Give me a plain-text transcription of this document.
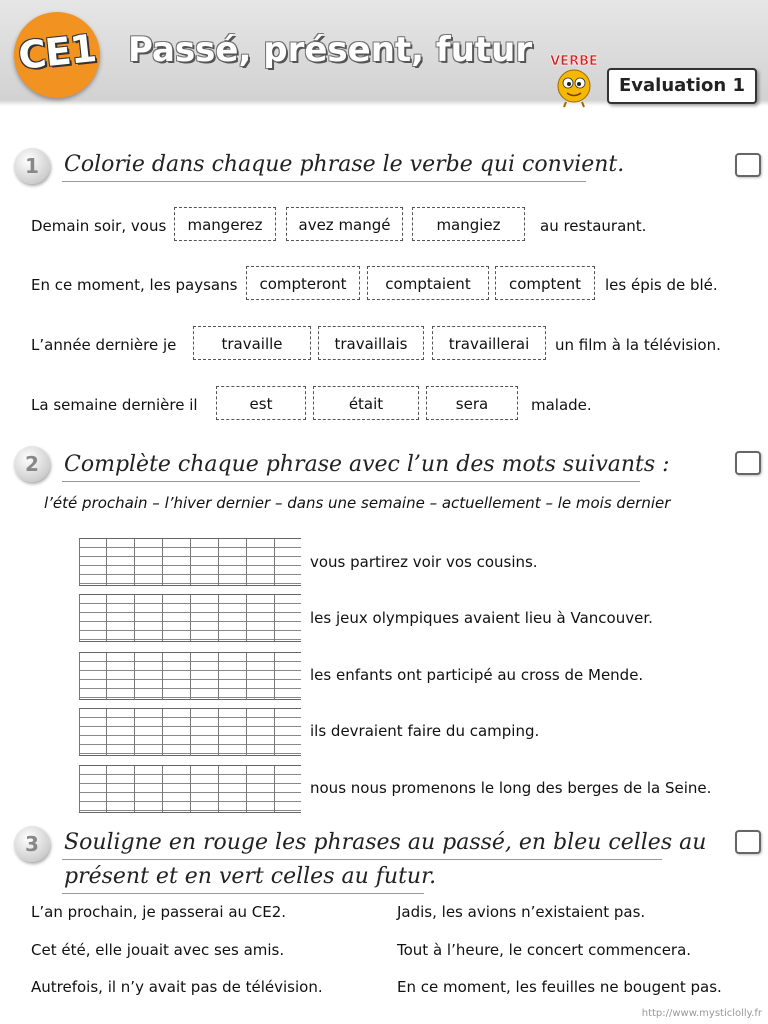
CE1 Passé, présent, futur VERBE
Evaluation 1
1	Colorie dans chaque phrase le verbe qui convient.
Demain soir, vous	mangerez	avez mangé	mangiez	au restaurant.
En ce moment, les paysans	compteront	comptaient	comptent	les épis de blé.
L’année dernière je	travaille	travaillais	travaillerai	un film à la télévision.
La semaine dernière il	est	était	sera	malade.
2	Complète chaque phrase avec l’un des mots suivants :
l’été prochain – l’hiver dernier – dans une semaine – actuellement – le mois dernier
vous partirez voir vos cousins.
les jeux olympiques avaient lieu à Vancouver.
les enfants ont participé au cross de Mende.
ils devraient faire du camping.
nous nous promenons le long des berges de la Seine.
3	Souligne en rouge les phrases au passé, en bleu celles au
présent et en vert celles au futur.
L’an prochain, je passerai au CE2.
Cet été, elle jouait avec ses amis.
Autrefois, il n’y avait pas de télévision.
Jadis, les avions n’existaient pas.
Tout à l’heure, le concert commencera.
En ce moment, les feuilles ne bougent pas.
http://www.mysticlolly.fr
